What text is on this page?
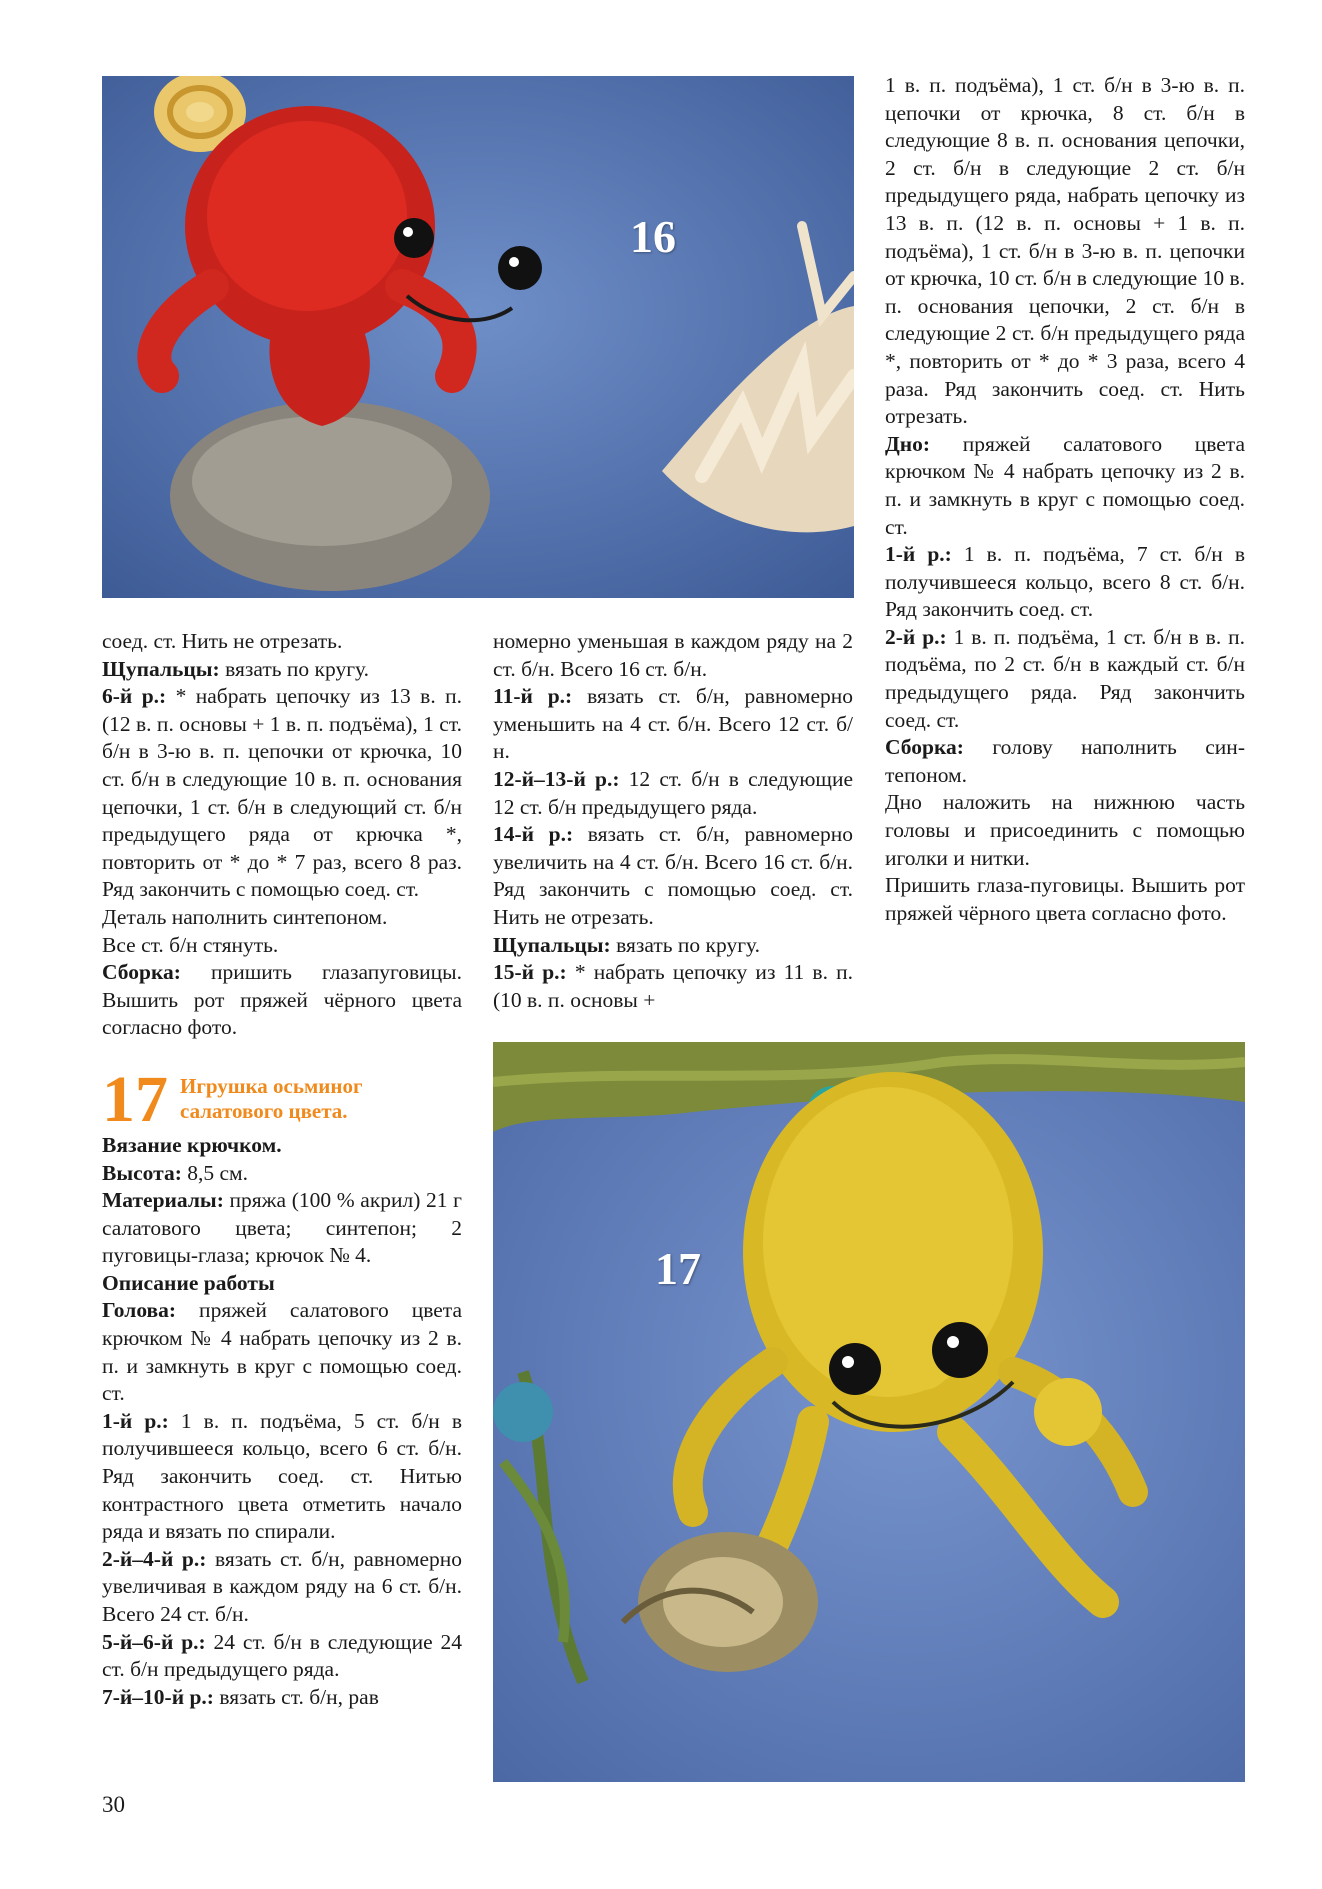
16

соед. ст. Нить не отрезать.

Щупальцы: вязать по кругу.

6-й р.: * набрать цепочку из 13 в. п. (12 в. п. основы + 1 в. п. подъёма), 1 ст. б/н в 3-ю в. п. цепочки от крючка, 10 ст. б/н в следующие 10 в. п. основания цепочки, 1 ст. б/н в следующий ст. б/н предыдущего ряда от крючка *, повторить от * до * 7 раз, всего 8 раз. Ряд закончить с помощью соед. ст.

Деталь наполнить синтепоном.

Все ст. б/н стянуть.

Сборка: пришить глазапуговицы. Вышить рот пряжей чёрного цвета согласно фото.

17 Игрушка осьминог
салатового цвета.

Вязание крючком.

Высота: 8,5 см.

Материалы: пряжа (100 % акрил) 21 г салатового цвета; синтепон; 2 пуговицы-глаза; крючок № 4.

Описание работы

Голова: пряжей салатового цвета крючком № 4 набрать цепочку из 2 в. п. и замкнуть в круг с помощью соед. ст.

1-й р.: 1 в. п. подъёма, 5 ст. б/н в получившееся кольцо, всего 6 ст. б/н. Ряд закончить соед. ст. Нитью контрастного цвета отметить начало ряда и вязать по спирали.

2-й–4-й р.: вязать ст. б/н, равномерно увеличивая в каждом ряду на 6 ст. б/н. Всего 24 ст. б/н.

5-й–6-й р.: 24 ст. б/н в следующие 24 ст. б/н предыдущего ряда.

7-й–10-й р.: вязать ст. б/н, рав

номерно уменьшая в каждом ряду на 2 ст. б/н. Всего 16 ст. б/н.

11-й р.: вязать ст. б/н, равномерно уменьшить на 4 ст. б/н. Всего 12 ст. б/н.

12-й–13-й р.: 12 ст. б/н в следующие 12 ст. б/н предыдущего ряда.

14-й р.: вязать ст. б/н, равномерно увеличить на 4 ст. б/н. Всего 16 ст. б/н. Ряд закончить с помощью соед. ст. Нить не отрезать.

Щупальцы: вязать по кругу.

15-й р.: * набрать цепочку из 11 в. п. (10 в. п. основы +

1 в. п. подъёма), 1 ст. б/н в 3-ю в. п. цепочки от крючка, 8 ст. б/н в следующие 8 в. п. основания цепочки, 2 ст. б/н в следующие 2 ст. б/н предыдущего ряда, набрать цепочку из 13 в. п. (12 в. п. основы + 1 в. п. подъёма), 1 ст. б/н в 3-ю в. п. цепочки от крючка, 10 ст. б/н в следующие 10 в. п. основания цепочки, 2 ст. б/н в следующие 2 ст. б/н предыдущего ряда *, повторить от * до * 3 раза, всего 4 раза. Ряд закончить соед. ст. Нить отрезать.

Дно: пряжей салатового цвета крючком № 4 набрать цепочку из 2 в. п. и замкнуть в круг с помощью соед. ст.

1-й р.: 1 в. п. подъёма, 7 ст. б/н в получившееся кольцо, всего 8 ст. б/н. Ряд закончить соед. ст.

2-й р.: 1 в. п. подъёма, 1 ст. б/н в в. п. подъёма, по 2 ст. б/н в каждый ст. б/н предыдущего ряда. Ряд закончить соед. ст.

Сборка: голову наполнить синтепоном.

Дно наложить на нижнюю часть головы и присоединить с помощью иголки и нитки.

Пришить глаза-пуговицы. Вышить рот пряжей чёрного цвета согласно фото.

17
30
